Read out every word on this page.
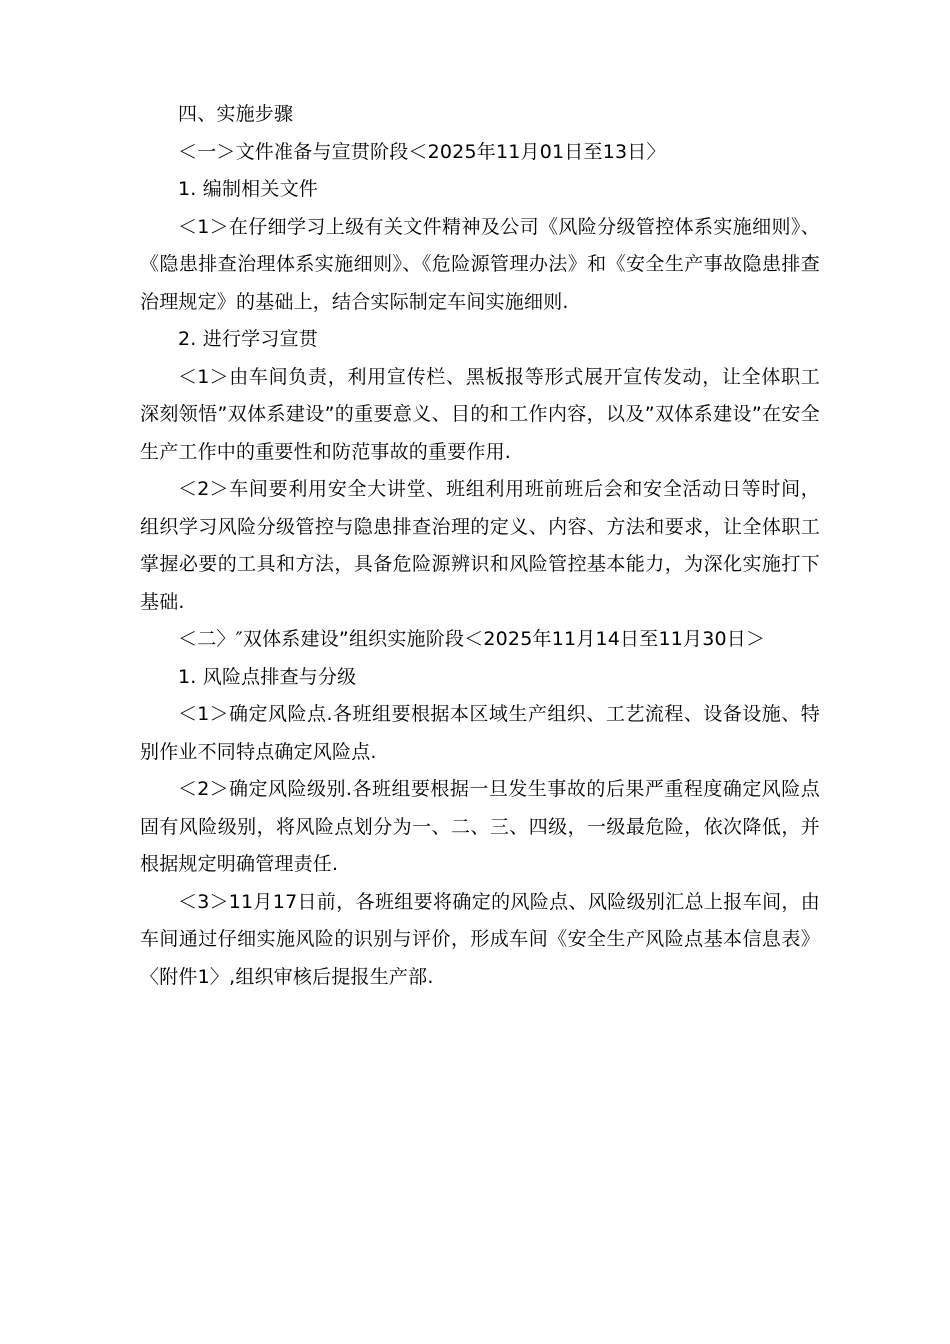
四、实施步骤

＜一＞文件准备与宣贯阶段＜2025年11月01日至13日〉

1. 编制相关文件

＜1＞在仔细学习上级有关文件精神及公司《风险分级管控体系实施细则》、《隐患排查治理体系实施细则》、《危险源管理办法》和《安全生产事故隐患排查治理规定》的基础上，结合实际制定车间实施细则.

2. 进行学习宣贯

＜1＞由车间负责，利用宣传栏、黑板报等形式展开宣传发动，让全体职工深刻领悟”双体系建设”的重要意义、目的和工作内容，以及”双体系建设”在安全生产工作中的重要性和防范事故的重要作用.

＜2＞车间要利用安全大讲堂、班组利用班前班后会和安全活动日等时间，组织学习风险分级管控与隐患排查治理的定义、内容、方法和要求，让全体职工掌握必要的工具和方法，具备危险源辨识和风险管控基本能力，为深化实施打下基础.

＜二〉″双体系建设”组织实施阶段＜2025年11月14日至11月30日＞

1. 风险点排查与分级

＜1＞确定风险点.各班组要根据本区域生产组织、工艺流程、设备设施、特别作业不同特点确定风险点.

＜2＞确定风险级别.各班组要根据一旦发生事故的后果严重程度确定风险点固有风险级别，将风险点划分为一、二、三、四级，一级最危险，依次降低，并根据规定明确管理责任.

＜3＞11月17日前，各班组要将确定的风险点、风险级别汇总上报车间，由车间通过仔细实施风险的识别与评价，形成车间《安全生产风险点基本信息表》〈附件1〉,组织审核后提报生产部.
